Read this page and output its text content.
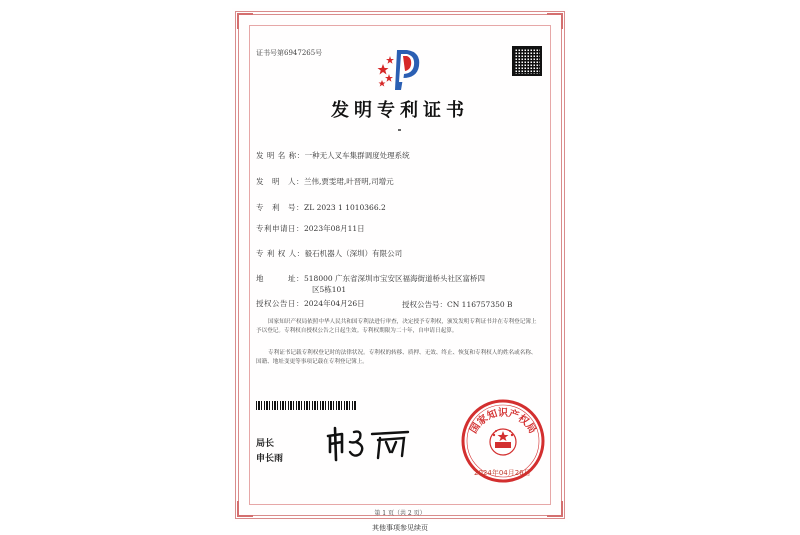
证书号第6947265号
发明专利证书
发 明 名 称：一种无人叉车集群调度处理系统
发　明　人：兰伟,贾雯珺,叶晋明,司增元
专　利　号：ZL 2023 1 1010366.2
专利申请日：2023年08月11日
专 利 权 人：毅石机器人（深圳）有限公司
地　　　址：518000 广东省深圳市宝安区福海街道桥头社区富桥四
区5栋101
授权公告日：2024年04月26日	授权公告号：CN 116757350 B
国家知识产权局依照中华人民共和国专利法进行审查，决定授予专利权，颁发发明专利证书并在专利登记簿上予以登记。专利权自授权公告之日起生效。专利权期限为二十年，自申请日起算。
专利证书记载专利权登记时的法律状况。专利权的转移、质押、无效、终止、恢复和专利权人的姓名或名称、国籍、地址变更等事项记载在专利登记簿上。
局长
申长雨
国家知识产权局
2024年04月26日
第 1 页（共 2 页）
其他事项参见续页
